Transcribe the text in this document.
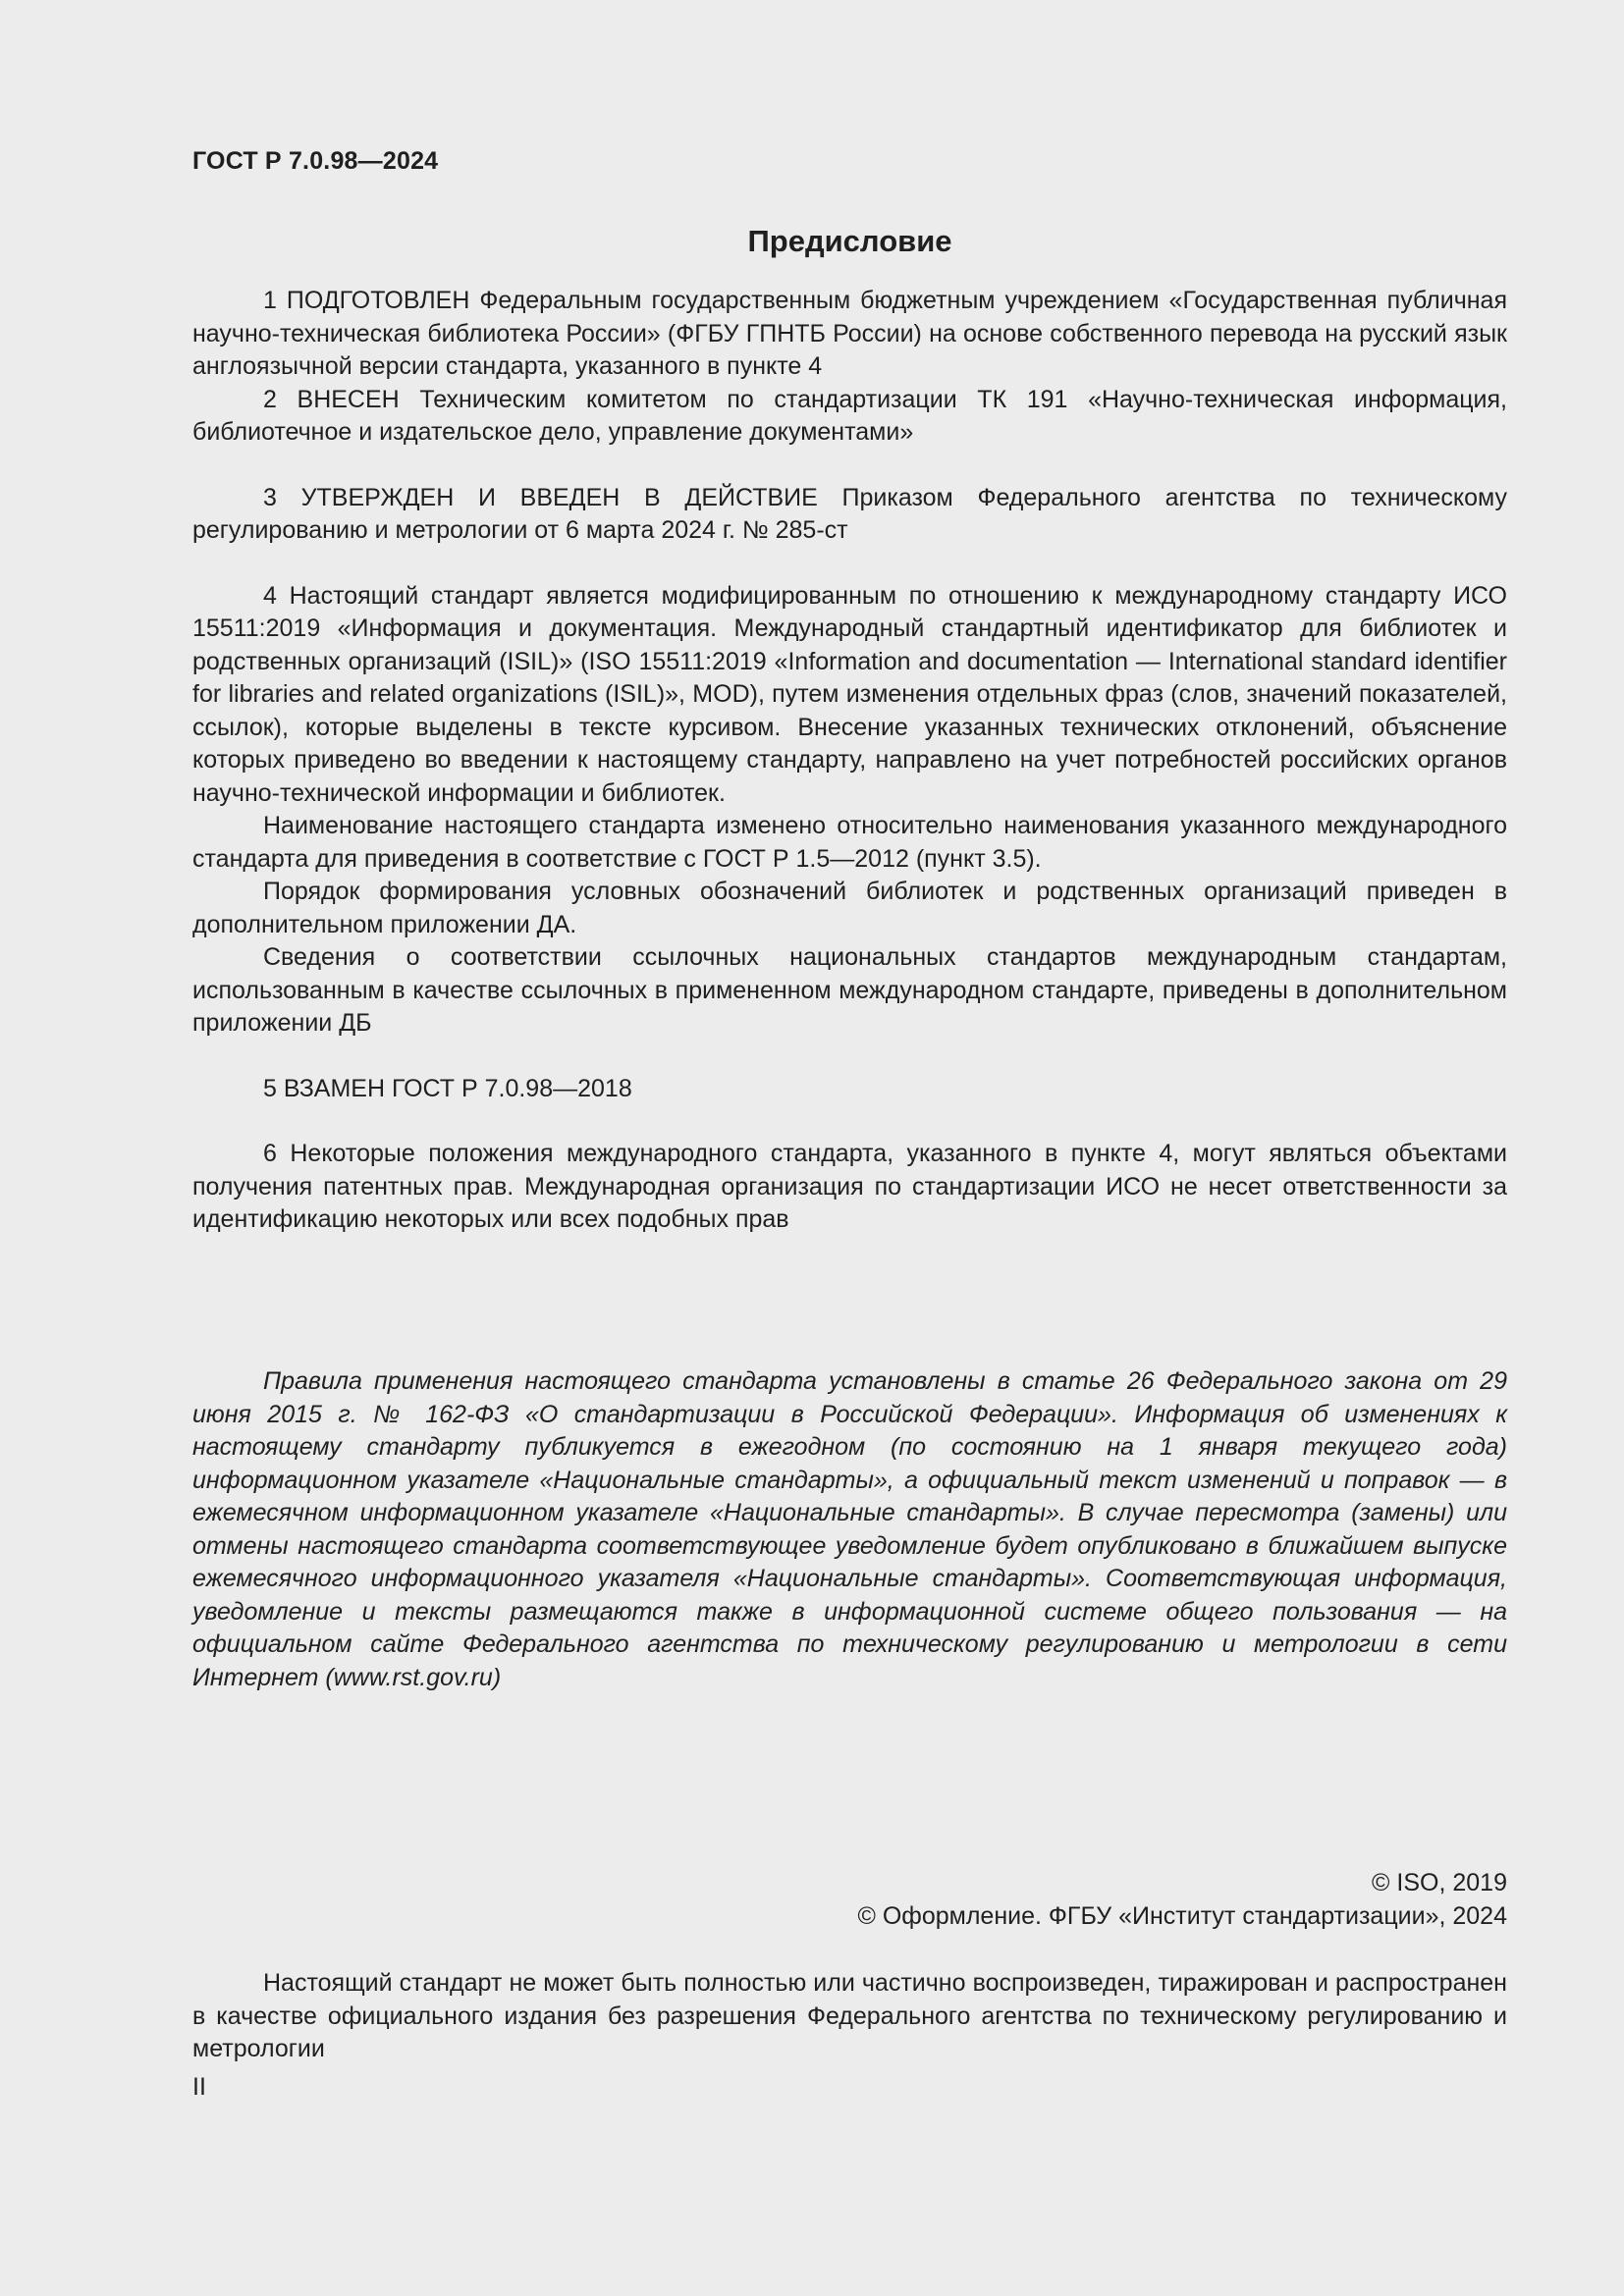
ГОСТ Р 7.0.98—2024
Предисловие

1 ПОДГОТОВЛЕН Федеральным государственным бюджетным учреждением «Государственная публичная научно-техническая библиотека России» (ФГБУ ГПНТБ России) на основе собственного перевода на русский язык англоязычной версии стандарта, указанного в пункте 4

2 ВНЕСЕН Техническим комитетом по стандартизации ТК 191 «Научно-техническая информация, библиотечное и издательское дело, управление документами»

3 УТВЕРЖДЕН И ВВЕДЕН В ДЕЙСТВИЕ Приказом Федерального агентства по техническому регулированию и метрологии от 6 марта 2024 г. № 285-ст

4 Настоящий стандарт является модифицированным по отношению к международному стандарту ИСО 15511:2019 «Информация и документация. Международный стандартный идентификатор для библиотек и родственных организаций (ISIL)» (ISO 15511:2019 «Information and documentation — International standard identifier for libraries and related organizations (ISIL)», MOD), путем изменения отдельных фраз (слов, значений показателей, ссылок), которые выделены в тексте курсивом. Внесение указанных технических отклонений, объяснение которых приведено во введении к настоящему стандарту, направлено на учет потребностей российских органов научно-технической информации и библиотек.

Наименование настоящего стандарта изменено относительно наименования указанного международного стандарта для приведения в соответствие с ГОСТ Р 1.5—2012 (пункт 3.5).

Порядок формирования условных обозначений библиотек и родственных организаций приведен в дополнительном приложении ДА.

Сведения о соответствии ссылочных национальных стандартов международным стандартам, использованным в качестве ссылочных в примененном международном стандарте, приведены в дополнительном приложении ДБ

5 ВЗАМЕН ГОСТ Р 7.0.98—2018

6 Некоторые положения международного стандарта, указанного в пункте 4, могут являться объектами получения патентных прав. Международная организация по стандартизации ИСО не несет ответственности за идентификацию некоторых или всех подобных прав

Правила применения настоящего стандарта установлены в статье 26 Федерального закона от 29 июня 2015 г. № 162-ФЗ «О стандартизации в Российской Федерации». Информация об изменениях к настоящему стандарту публикуется в ежегодном (по состоянию на 1 января текущего года) информационном указателе «Национальные стандарты», а официальный текст изменений и поправок — в ежемесячном информационном указателе «Национальные стандарты». В случае пересмотра (замены) или отмены настоящего стандарта соответствующее уведомление будет опубликовано в ближайшем выпуске ежемесячного информационного указателя «Национальные стандарты». Соответствующая информация, уведомление и тексты размещаются также в информационной системе общего пользования — на официальном сайте Федерального агентства по техническому регулированию и метрологии в сети Интернет (www.rst.gov.ru)

© ISO, 2019
© Оформление. ФГБУ «Институт стандартизации», 2024

Настоящий стандарт не может быть полностью или частично воспроизведен, тиражирован и распространен в качестве официального издания без разрешения Федерального агентства по техническому регулированию и метрологии

II
